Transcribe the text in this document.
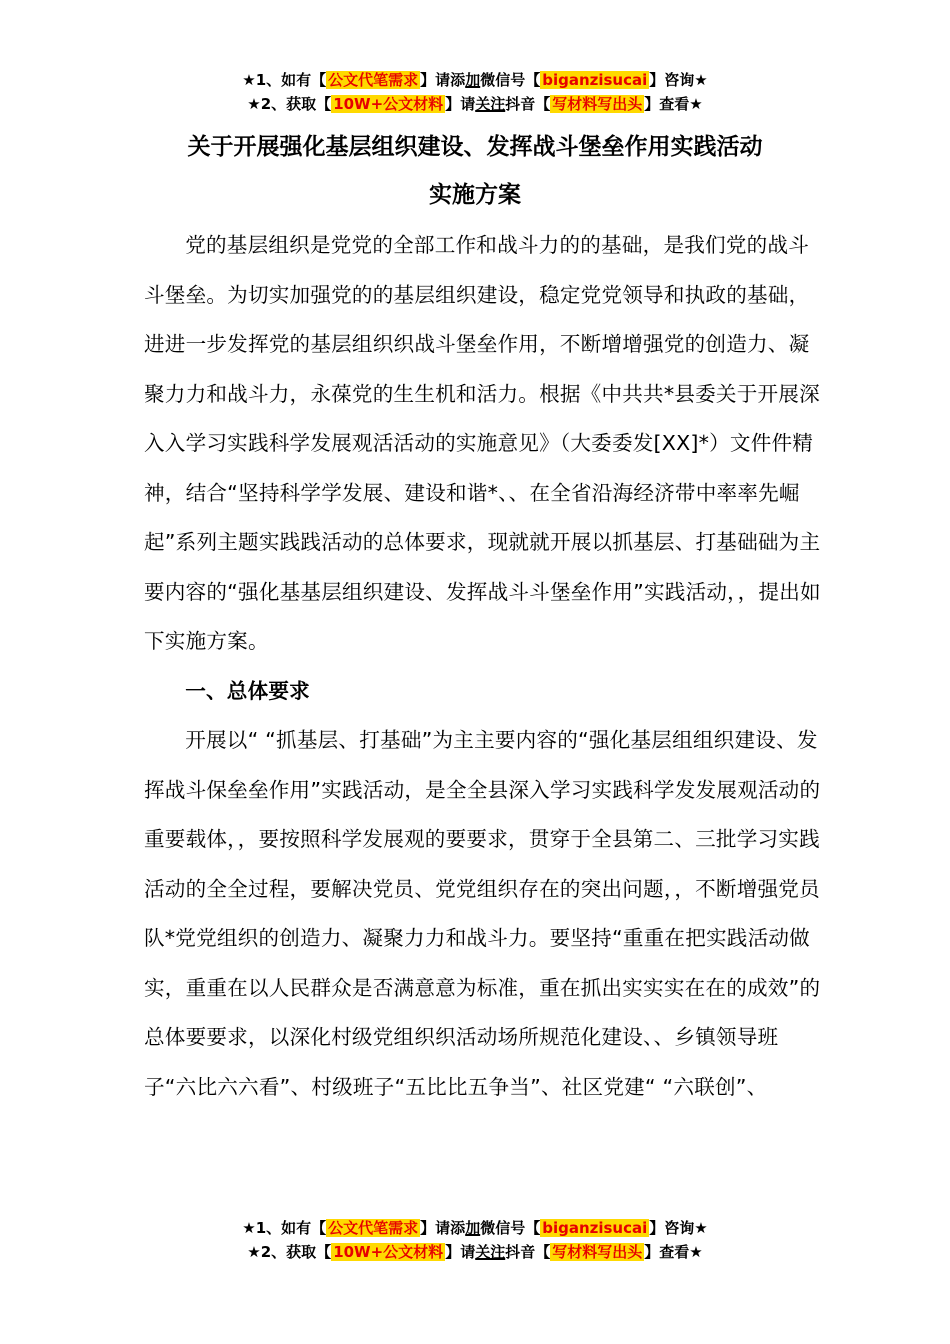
★1、如有【 公文代笔需求 】请添加微信号【 biganzisucai 】咨询★
★2、获取【 10W+公文材料 】请关注抖音【 写材料写出头 】查看★
关于开展强化基层组织建设、发挥战斗堡垒作用实践活动
实施方案

党的基层组织是党党的全部工作和战斗力的的基础，是我们党的战斗斗堡垒。为切实加强党的的基层组织建设，稳定党党领导和执政的基础，进进一步发挥党的基层组织织战斗堡垒作用，不断增增强党的创造力、凝聚力力和战斗力，永葆党的生生机和活力。根据《中共共*县委关于开展深入入学习实践科学发展观活活动的实施意见》（大委委发[XX]*）文件件精神，结合“坚持科学学发展、建设和谐*、、在全省沿海经济带中率率先崛起”系列主题实践践活动的总体要求，现就就开展以抓基层、打基础础为主要内容的“强化基基层组织建设、发挥战斗斗堡垒作用”实践活动，，提出如下实施方案。

一、总体要求

开展以“ “抓基层、打基础”为主主要内容的“强化基层组组织建设、发挥战斗保垒垒作用”实践活动，是全全县深入学习实践科学发发展观活动的重要载体，，要按照科学发展观的要要求，贯穿于全县第二、三批学习实践活动的全全过程，要解决党员、党党组织存在的突出问题，，不断增强党员队*党党组织的创造力、凝聚力力和战斗力。要坚持“重重在把实践活动做实，重重在以人民群众是否满意意为标准，重在抓出实实实在在的成效”的总体要要求，以深化村级党组织织活动场所规范化建设、、乡镇领导班子“六比六六看”、村级班子“五比比五争当”、社区党建“ “六联创”、

★1、如有【 公文代笔需求 】请添加微信号【 biganzisucai 】咨询★
★2、获取【 10W+公文材料 】请关注抖音【 写材料写出头 】查看★
